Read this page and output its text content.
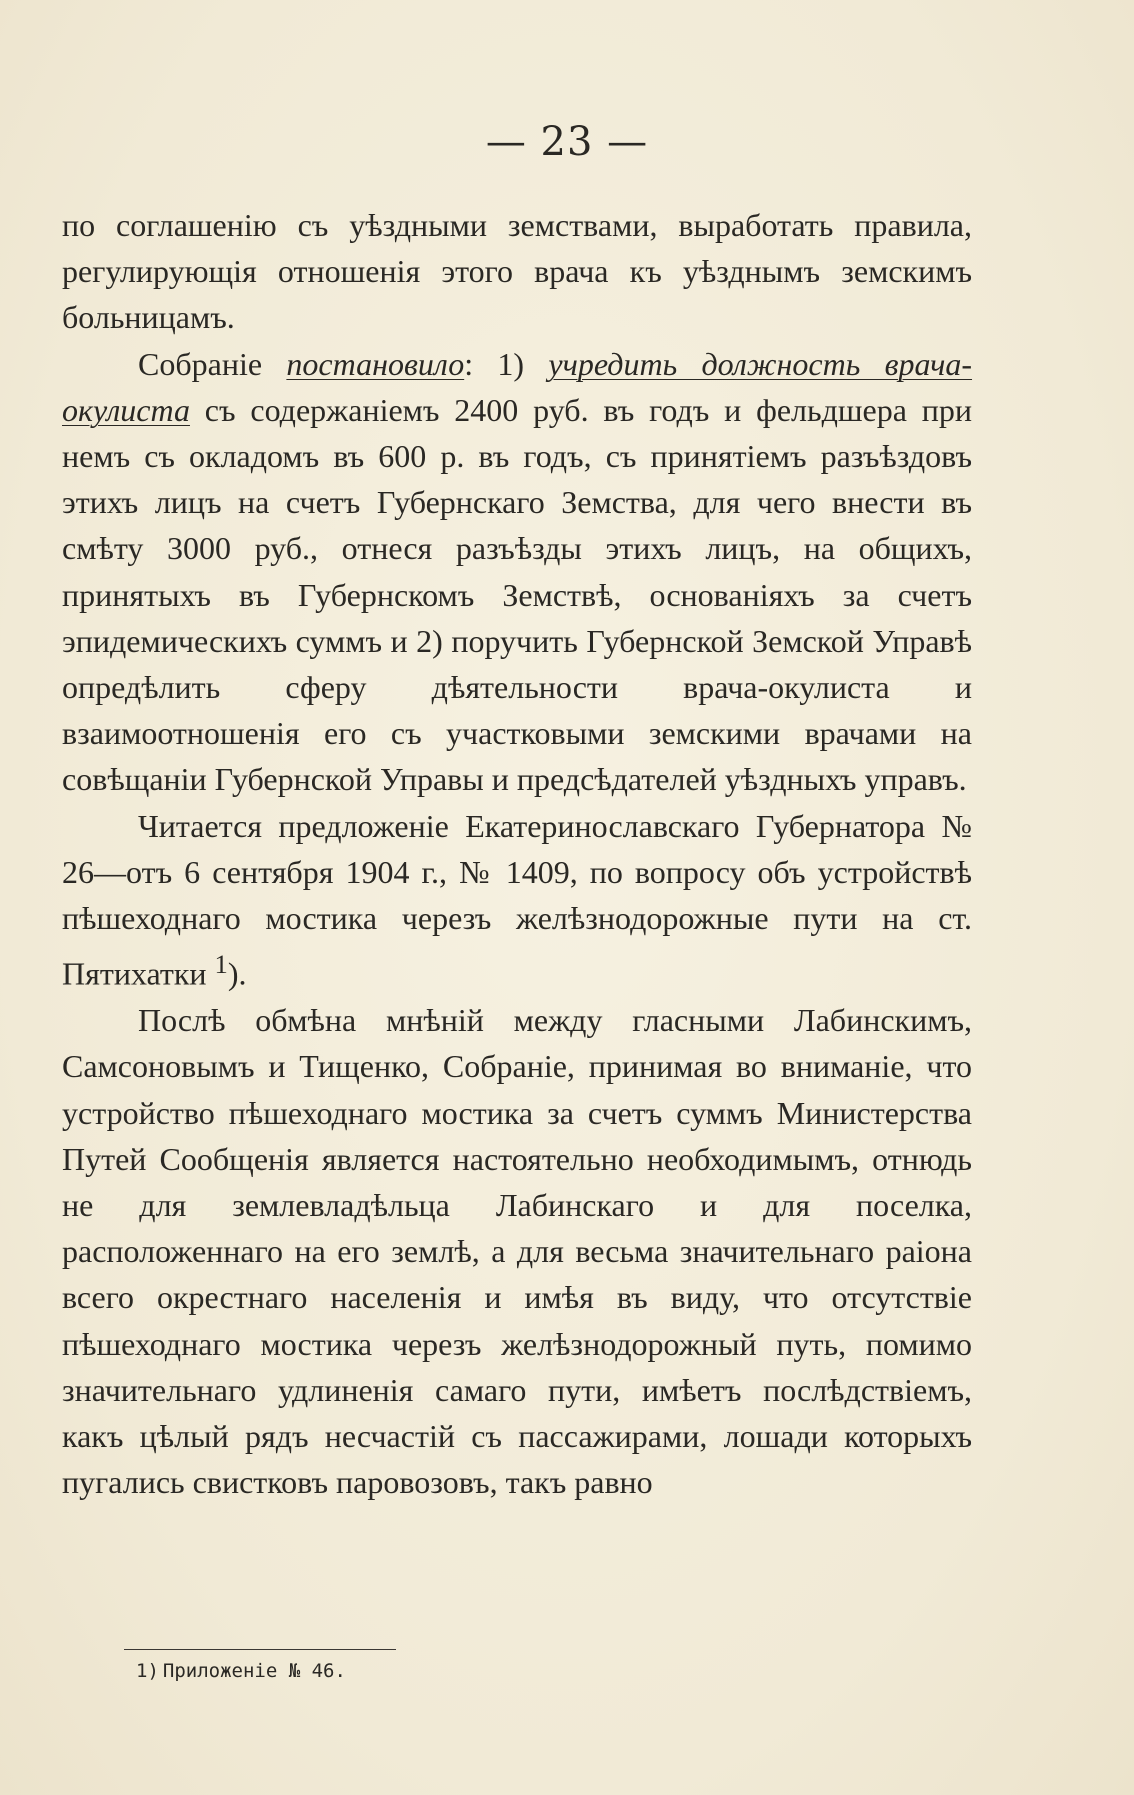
— 23 —

по соглашенію съ уѣздными земствами, выработать правила, регулирующія отношенія этого врача къ уѣзднымъ земскимъ больницамъ.

Собраніе постановило: 1) учредить должность врача-окулиста съ содержаніемъ 2400 руб. въ годъ и фельдшера при немъ съ окладомъ въ 600 р. въ годъ, съ принятіемъ разъѣздовъ этихъ лицъ на счетъ Губернскаго Земства, для чего внести въ смѣту 3000 руб., отнеся разъѣзды этихъ лицъ, на общихъ, принятыхъ въ Губернскомъ Земствѣ, основаніяхъ за счетъ эпидемическихъ суммъ и 2) поручить Губернской Земской Управѣ опредѣлить сферу дѣятельности врача-окулиста и взаимоотношенія его съ участковыми земскими врачами на совѣщаніи Губернской Управы и предсѣдателей уѣздныхъ управъ.

Читается предложеніе Екатеринославскаго Губернатора № 26—отъ 6 сентября 1904 г., № 1409, по вопросу объ устройствѣ пѣшеходнаго мостика черезъ желѣзнодорожные пути на ст. Пятихатки $^1$).

Послѣ обмѣна мнѣній между гласными Лабинскимъ, Самсоновымъ и Тищенко, Собраніе, принимая во вниманіе, что устройство пѣшеходнаго мостика за счетъ суммъ Министерства Путей Сообщенія является настоятельно необходимымъ, отнюдь не для землевладѣльца Лабинскаго и для поселка, расположеннаго на его землѣ, а для весьма значительнаго раіона всего окрестнаго населенія и имѣя въ виду, что отсутствіе пѣшеходнаго мостика черезъ желѣзнодорожный путь, помимо значительнаго удлиненія самаго пути, имѣетъ послѣдствіемъ, какъ цѣлый рядъ несчастій съ пассажирами, лошади которыхъ пугались свистковъ паровозовъ, такъ равно

1) Приложеніе № 46.
